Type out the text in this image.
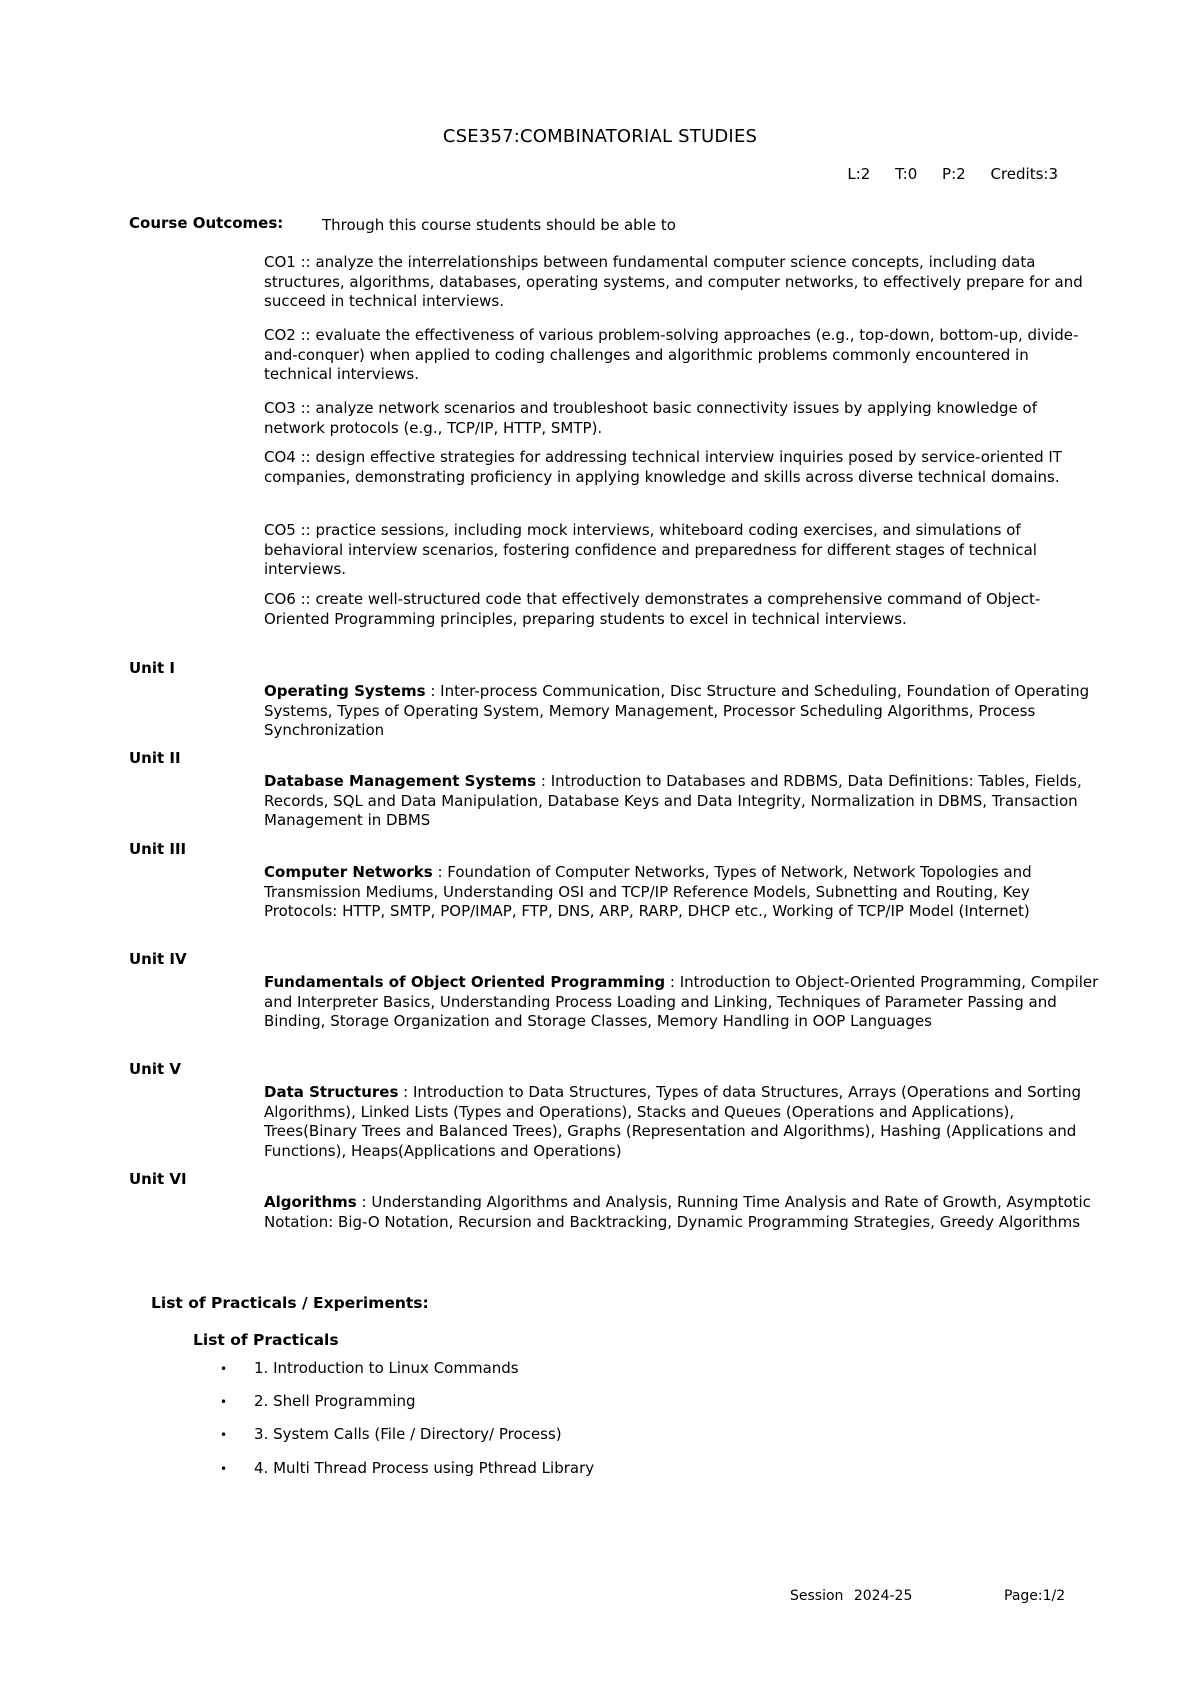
CSE357:COMBINATORIAL STUDIES
L:2 T:0 P:2 Credits:3
Course Outcomes:	Through this course students should be able to
CO1 :: analyze the interrelationships between fundamental computer science concepts, including data structures, algorithms, databases, operating systems, and computer networks, to effectively prepare for and succeed in technical interviews.
CO2 :: evaluate the effectiveness of various problem-solving approaches (e.g., top-down, bottom-up, divide-and-conquer) when applied to coding challenges and algorithmic problems commonly encountered in technical interviews.
CO3 :: analyze network scenarios and troubleshoot basic connectivity issues by applying knowledge of network protocols (e.g., TCP/IP, HTTP, SMTP).
CO4 :: design effective strategies for addressing technical interview inquiries posed by service-oriented IT companies, demonstrating proficiency in applying knowledge and skills across diverse technical domains.
CO5 :: practice sessions, including mock interviews, whiteboard coding exercises, and simulations of behavioral interview scenarios, fostering confidence and preparedness for different stages of technical interviews.
CO6 :: create well-structured code that effectively demonstrates a comprehensive command of Object-Oriented Programming principles, preparing students to excel in technical interviews.
Unit I
Operating Systems : Inter-process Communication, Disc Structure and Scheduling, Foundation of Operating Systems, Types of Operating System, Memory Management, Processor Scheduling Algorithms, Process Synchronization
Unit II
Database Management Systems : Introduction to Databases and RDBMS, Data Definitions: Tables, Fields, Records, SQL and Data Manipulation, Database Keys and Data Integrity, Normalization in DBMS, Transaction Management in DBMS
Unit III
Computer Networks : Foundation of Computer Networks, Types of Network, Network Topologies and Transmission Mediums, Understanding OSI and TCP/IP Reference Models, Subnetting and Routing, Key Protocols: HTTP, SMTP, POP/IMAP, FTP, DNS, ARP, RARP, DHCP etc., Working of TCP/IP Model (Internet)
Unit IV
Fundamentals of Object Oriented Programming : Introduction to Object-Oriented Programming, Compiler and Interpreter Basics, Understanding Process Loading and Linking, Techniques of Parameter Passing and Binding, Storage Organization and Storage Classes, Memory Handling in OOP Languages
Unit V
Data Structures : Introduction to Data Structures, Types of data Structures, Arrays (Operations and Sorting Algorithms), Linked Lists (Types and Operations), Stacks and Queues (Operations and Applications), Trees(Binary Trees and Balanced Trees), Graphs (Representation and Algorithms), Hashing (Applications and Functions), Heaps(Applications and Operations)
Unit VI
Algorithms : Understanding Algorithms and Analysis, Running Time Analysis and Rate of Growth, Asymptotic Notation: Big-O Notation, Recursion and Backtracking, Dynamic Programming Strategies, Greedy Algorithms
List of Practicals / Experiments:
List of Practicals
• 1. Introduction to Linux Commands
• 2. Shell Programming
• 3. System Calls (File / Directory/ Process)
• 4. Multi Thread Process using Pthread Library
Session 2024-25	Page:1/2
